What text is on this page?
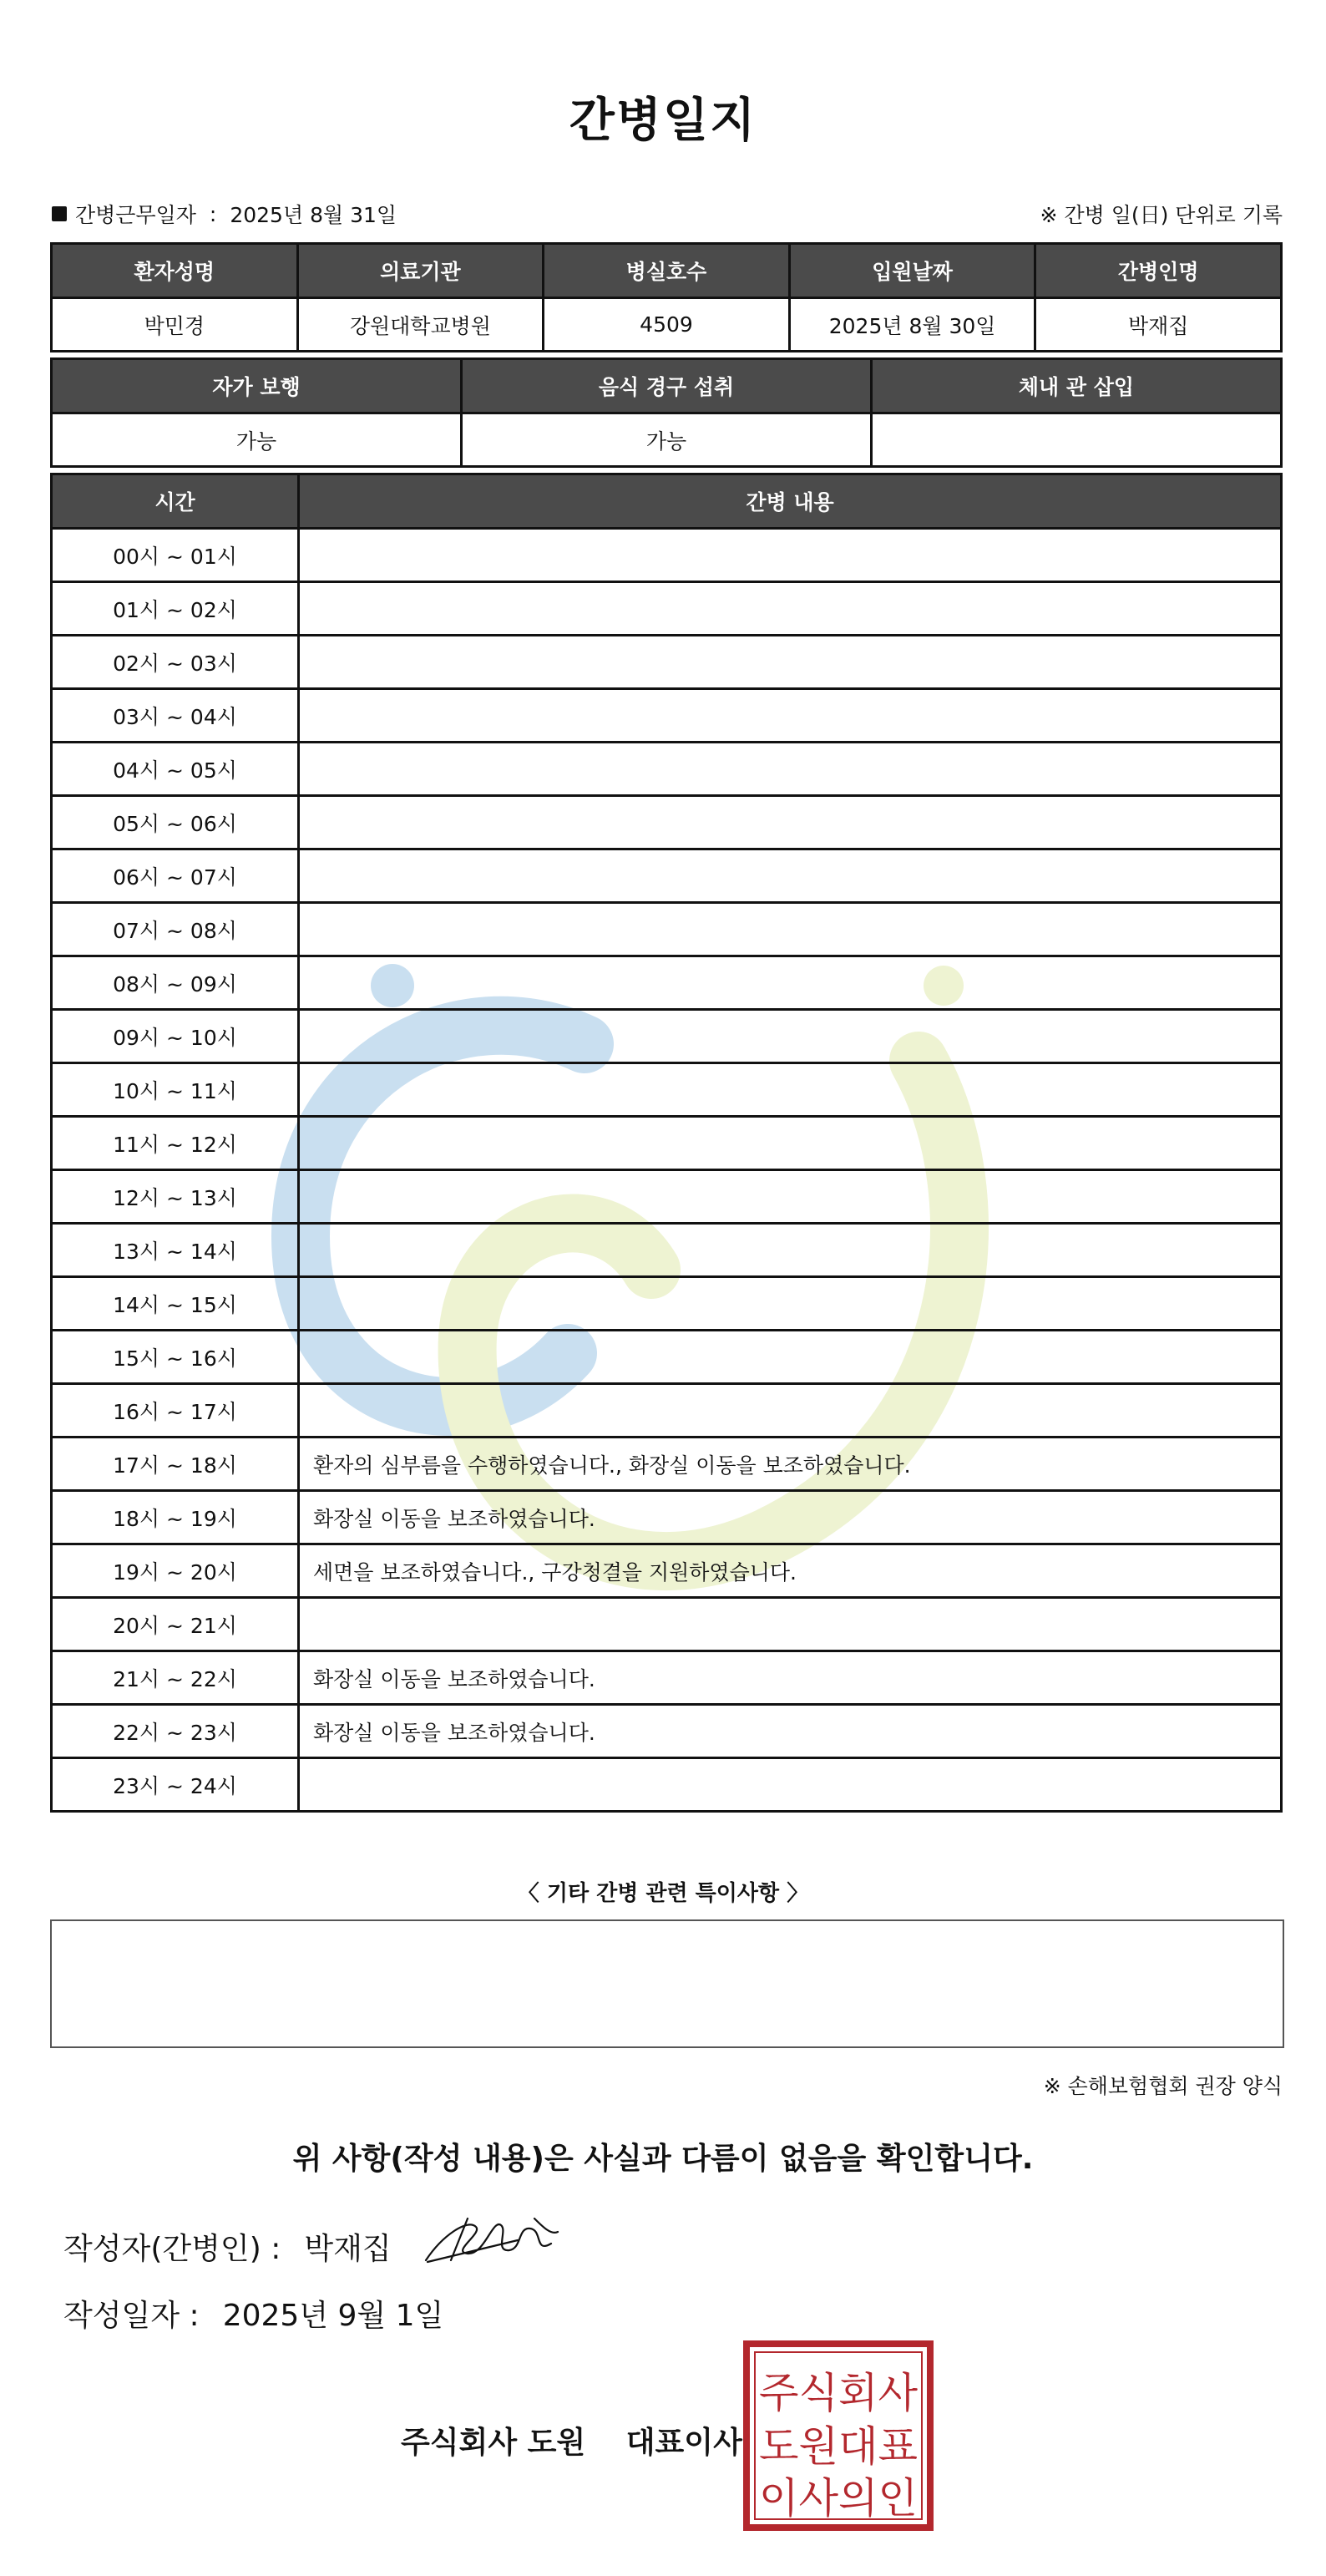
간병일지
간병근무일자 : 2025년 8월 31일	※ 간병 일(日) 단위로 기록
환자성명	의료기관	병실호수	입원날짜	간병인명
박민경	강원대학교병원	4509	2025년 8월 30일	박재집
자가 보행	음식 경구 섭취	체내 관 삽입
가능	가능	
시간	간병 내용
00시 ~ 01시	
01시 ~ 02시	
02시 ~ 03시	
03시 ~ 04시	
04시 ~ 05시	
05시 ~ 06시	
06시 ~ 07시	
07시 ~ 08시	
08시 ~ 09시	
09시 ~ 10시	
10시 ~ 11시	
11시 ~ 12시	
12시 ~ 13시	
13시 ~ 14시	
14시 ~ 15시	
15시 ~ 16시	
16시 ~ 17시	
17시 ~ 18시	환자의 심부름을 수행하였습니다., 화장실 이동을 보조하였습니다.
18시 ~ 19시	화장실 이동을 보조하였습니다.
19시 ~ 20시	세면을 보조하였습니다., 구강청결을 지원하였습니다.
20시 ~ 21시	
21시 ~ 22시	화장실 이동을 보조하였습니다.
22시 ~ 23시	화장실 이동을 보조하였습니다.
23시 ~ 24시	
〈 기타 간병 관련 특이사항 〉
※ 손해보험협회 권장 양식
위 사항(작성 내용)은 사실과 다름이 없음을 확인합니다.
작성자(간병인) : 박재집
작성일자 : 2025년 9월 1일
주식회사 도원 대표이사
주식회사
도원대표
이사의인
